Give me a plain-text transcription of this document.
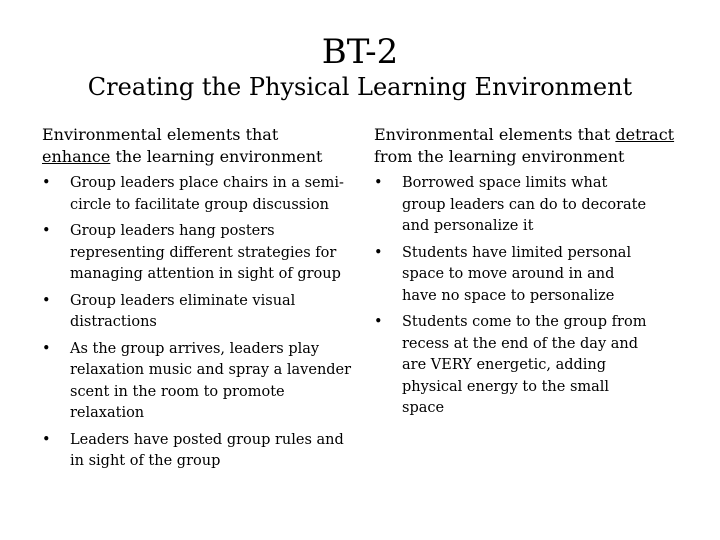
BT-2
Creating the Physical Learning Environment

Environmental elements that
enhance the learning environment

•	Group leaders place chairs in a semi-circle to facilitate group discussion
•	Group leaders hang posters representing different strategies for managing attention in sight of group
•	Group leaders eliminate visual distractions
•	As the group arrives, leaders play relaxation music and spray a lavender scent in the room to promote relaxation
•	Leaders have posted group rules and in sight of the group

Environmental elements that detract
from the learning environment

•	Borrowed space limits what group leaders can do to decorate and personalize it
•	Students have limited personal space to move around in and have no space to personalize
•	Students come to the group from recess at the end of the day and are VERY energetic, adding physical energy to the small space
